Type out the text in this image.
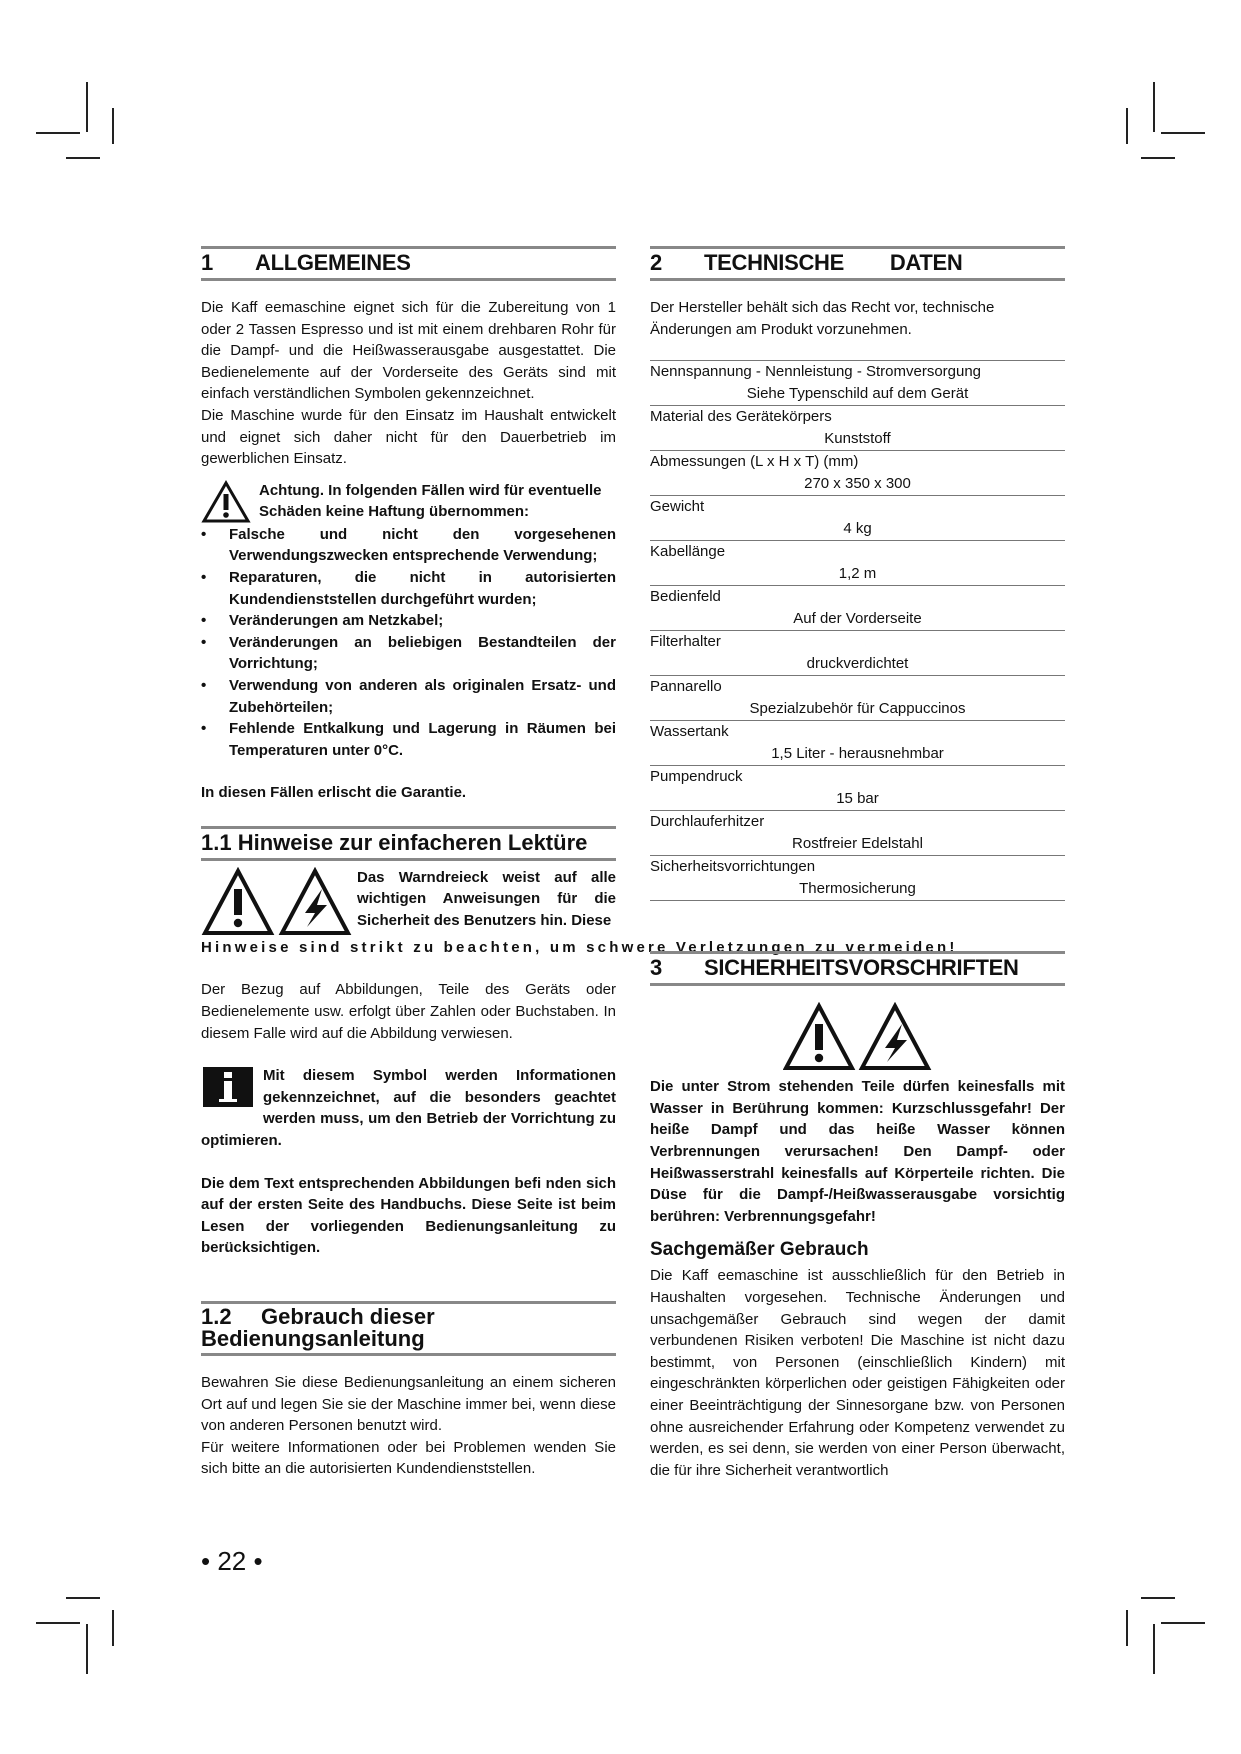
1 ALLGEMEINES

Die Kaff eemaschine eignet sich für die Zubereitung von 1 oder 2 Tassen Espresso und ist mit einem drehbaren Rohr für die Dampf- und die Heißwasserausgabe ausgestattet. Die Bedienelemente auf der Vorderseite des Geräts sind mit einfach verständlichen Symbolen gekennzeichnet.

Die Maschine wurde für den Einsatz im Haushalt entwickelt und eignet sich daher nicht für den Dauerbetrieb im gewerblichen Einsatz.

Achtung. In folgenden Fällen wird für eventuelle Schäden keine Haftung übernommen:

• Falsche und nicht den vorgesehenen Verwendungszwecken entsprechende Verwendung;
• Reparaturen, die nicht in autorisierten Kundendienststellen durchgeführt wurden;
• Veränderungen am Netzkabel;
• Veränderungen an beliebigen Bestandteilen der Vorrichtung;
• Verwendung von anderen als originalen Ersatz- und Zubehörteilen;
• Fehlende Entkalkung und Lagerung in Räumen bei Temperaturen unter 0°C.

In diesen Fällen erlischt die Garantie.

1.1 Hinweise zur einfacheren Lektüre

Das Warndreieck weist auf alle wichtigen Anweisungen für die Sicherheit des Benutzers hin. Diese

Hinweise sind strikt zu beachten, um schwere Verletzungen zu vermeiden!

Der Bezug auf Abbildungen, Teile des Geräts oder Bedienelemente usw. erfolgt über Zahlen oder Buchstaben. In diesem Falle wird auf die Abbildung verwiesen.

Mit diesem Symbol werden Informationen gekennzeichnet, auf die besonders geachtet werden muss, um den Betrieb der Vorrichtung zu optimieren.

Die dem Text entsprechenden Abbildungen befi nden sich auf der ersten Seite des Handbuchs. Diese Seite ist beim Lesen der vorliegenden Bedienungsanleitung zu berücksichtigen.

1.2 Gebrauch dieser Bedienungsanleitung

Bewahren Sie diese Bedienungsanleitung an einem sicheren Ort auf und legen Sie sie der Maschine immer bei, wenn diese von anderen Personen benutzt wird.

Für weitere Informationen oder bei Problemen wenden Sie sich bitte an die autorisierten Kundendienststellen.

2 TECHNISCHE DATEN

Der Hersteller behält sich das Recht vor, technische Änderungen am Produkt vorzunehmen.

Nennspannung - Nennleistung - Stromversorgung
Siehe Typenschild auf dem Gerät
Material des Gerätekörpers
Kunststoff
Abmessungen (L x H x T) (mm)
270 x 350 x 300
Gewicht
4 kg
Kabellänge
1,2 m
Bedienfeld
Auf der Vorderseite
Filterhalter
druckverdichtet
Pannarello
Spezialzubehör für Cappuccinos
Wassertank
1,5 Liter - herausnehmbar
Pumpendruck
15 bar
Durchlauferhitzer
Rostfreier Edelstahl
Sicherheitsvorrichtungen
Thermosicherung
3 SICHERHEITSVORSCHRIFTEN

Die unter Strom stehenden Teile dürfen keinesfalls mit Wasser in Berührung kommen: Kurzschlussgefahr! Der heiße Dampf und das heiße Wasser können Verbrennungen verursachen! Den Dampf- oder Heißwasserstrahl keinesfalls auf Körperteile richten. Die Düse für die Dampf-/Heißwasserausgabe vorsichtig berühren: Verbrennungsgefahr!

Sachgemäßer Gebrauch

Die Kaff eemaschine ist ausschließlich für den Betrieb in Haushalten vorgesehen. Technische Änderungen und unsachgemäßer Gebrauch sind wegen der damit verbundenen Risiken verboten! Die Maschine ist nicht dazu bestimmt, von Personen (einschließlich Kindern) mit eingeschränkten körperlichen oder geistigen Fähigkeiten oder einer Beeinträchtigung der Sinnesorgane bzw. von Personen ohne ausreichender Erfahrung oder Kompetenz verwendet zu werden, es sei denn, sie werden von einer Person überwacht, die für ihre Sicherheit verantwortlich

• 22 •
